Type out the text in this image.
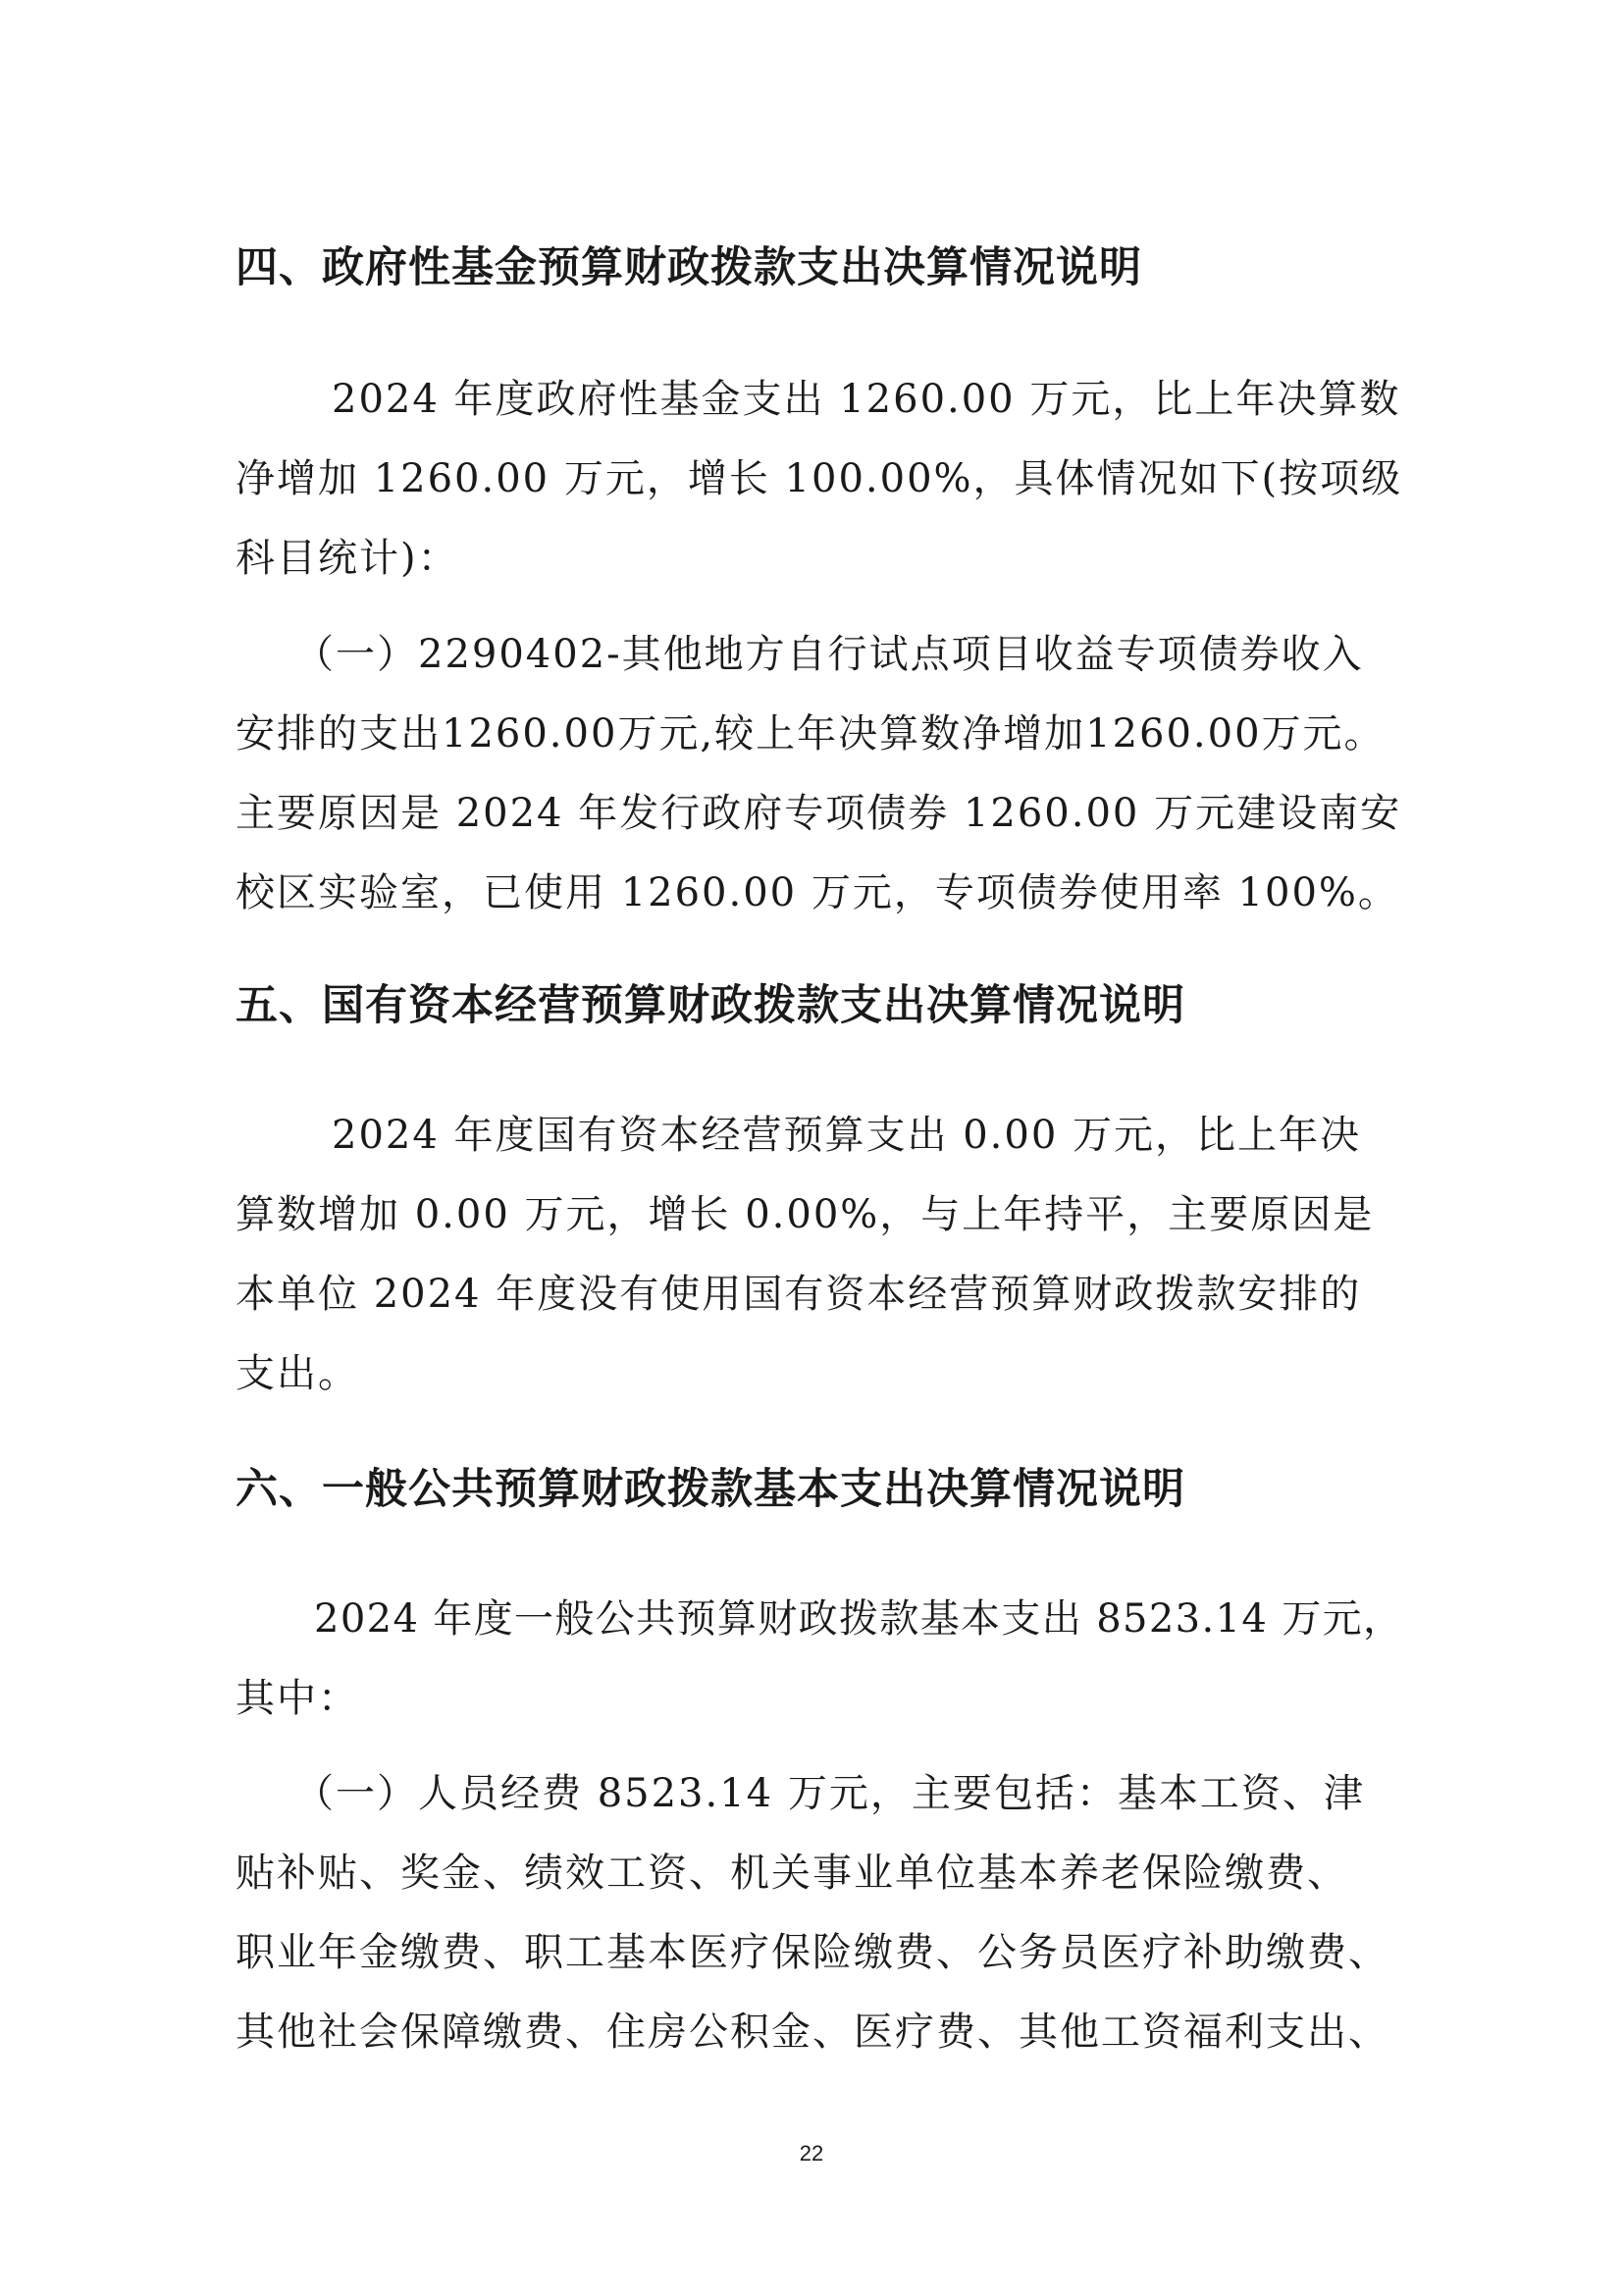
四、政府性基金预算财政拨款支出决算情况说明
2024 年度政府性基金支出 1260.00 万元，比上年决算数
净增加 1260.00 万元，增长 100.00%，具体情况如下(按项级
科目统计)：
（一）2290402-其他地方自行试点项目收益专项债券收入
安排的支出1260.00万元,较上年决算数净增加1260.00万元。
主要原因是 2024 年发行政府专项债券 1260.00 万元建设南安
校区实验室，已使用 1260.00 万元，专项债券使用率 100%。
五、国有资本经营预算财政拨款支出决算情况说明
2024 年度国有资本经营预算支出 0.00 万元，比上年决
算数增加 0.00 万元，增长 0.00%，与上年持平，主要原因是
本单位 2024 年度没有使用国有资本经营预算财政拨款安排的
支出。
六、一般公共预算财政拨款基本支出决算情况说明
2024 年度一般公共预算财政拨款基本支出 8523.14 万元，
其中：
（一）人员经费 8523.14 万元，主要包括：基本工资、津
贴补贴、奖金、绩效工资、机关事业单位基本养老保险缴费、
职业年金缴费、职工基本医疗保险缴费、公务员医疗补助缴费、
其他社会保障缴费、住房公积金、医疗费、其他工资福利支出、
22
